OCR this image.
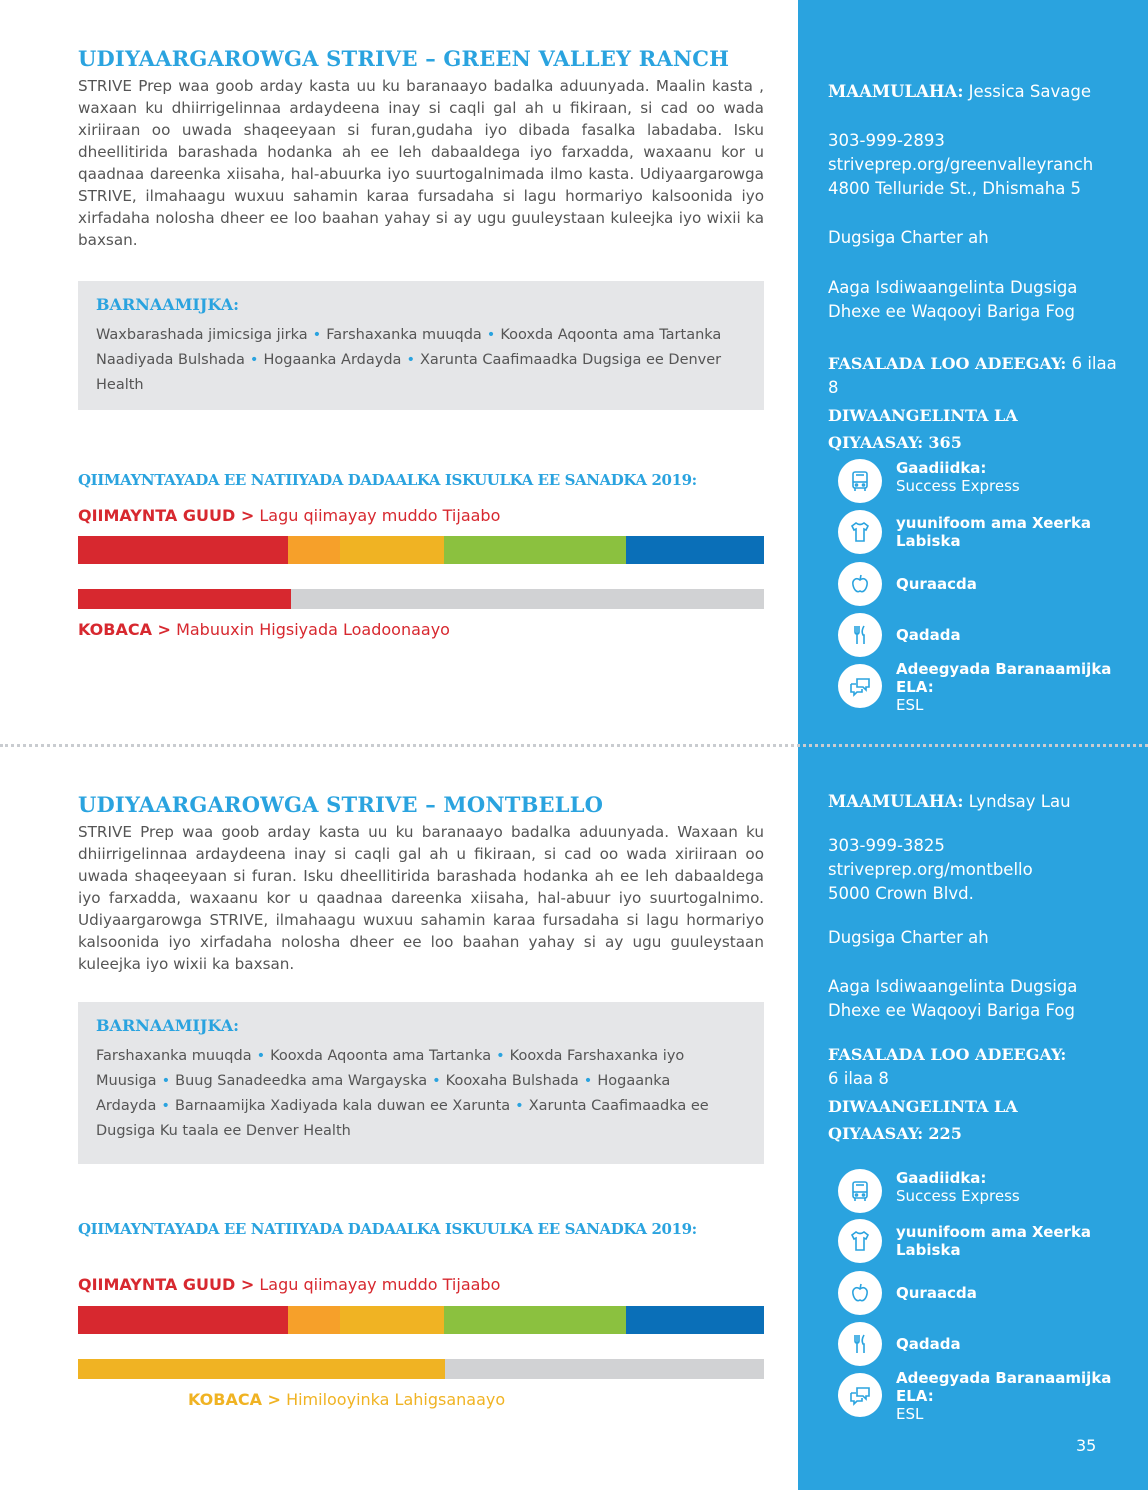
UDIYAARGAROWGA STRIVE – GREEN VALLEY RANCH

STRIVE Prep waa goob arday kasta uu ku baranaayo badalka aduunyada. Maalin kasta , waxaan ku dhiirrigelinnaa ardaydeena inay si caqli gal ah u fikiraan, si cad oo wada xiriiraan oo uwada shaqeeyaan si furan,gudaha iyo dibada fasalka labadaba. Isku dheellitirida barashada hodanka ah ee leh dabaaldega iyo farxadda, waxaanu kor u qaadnaa dareenka xiisaha, hal-abuurka iyo suurtogalnimada ilmo kasta. Udiyaargarowga STRIVE, ilmahaagu wuxuu sahamin karaa fursadaha si lagu hormariyo kalsoonida iyo xirfadaha nolosha dheer ee loo baahan yahay si ay ugu guuleystaan kuleejka iyo wixii ka baxsan.

BARNAAMIJKA:
Waxbarashada jimicsiga jirka • Farshaxanka muuqda • Kooxda Aqoonta ama Tartanka
Naadiyada Bulshada • Hogaanka Ardayda • Xarunta Caafimaadka Dugsiga ee Denver Health
QIIMAYNTAYADA EE NATIIYADA DADAALKA ISKUULKA EE SANADKA 2019:
QIIMAYNTA GUUD > Lagu qiimayay muddo Tijaabo
KOBACA > Mabuuxin Higsiyada Loadoonaayo
MAAMULAHA: Jessica Savage
303-999-2893
striveprep.org/greenvalleyranch
4800 Telluride St., Dhismaha 5
Dugsiga Charter ah
Aaga Isdiwaangelinta Dugsiga Dhexe ee Waqooyi Bariga Fog
FASALADA LOO ADEEGAY: 6 ilaa 8
DIWAANGELINTA LA QIYAASAY: 365
Gaadiidka:
Success Express
yuunifoom ama Xeerka Labiska
Quraacda
Qadada
Adeegyada Baranaamijka ELA:
ESL
UDIYAARGAROWGA STRIVE – MONTBELLO

STRIVE Prep waa goob arday kasta uu ku baranaayo badalka aduunyada. Waxaan ku dhiirrigelinnaa ardaydeena inay si caqli gal ah u fikiraan, si cad oo wada xiriiraan oo uwada shaqeeyaan si furan. Isku dheellitirida barashada hodanka ah ee leh dabaaldega iyo farxadda, waxaanu kor u qaadnaa dareenka xiisaha, hal-abuur iyo suurtogalnimo. Udiyaargarowga STRIVE, ilmahaagu wuxuu sahamin karaa fursadaha si lagu hormariyo kalsoonida iyo xirfadaha nolosha dheer ee loo baahan yahay si ay ugu guuleystaan kuleejka iyo wixii ka baxsan.

BARNAAMIJKA:
Farshaxanka muuqda • Kooxda Aqoonta ama Tartanka • Kooxda Farshaxanka iyo Muusiga • Buug Sanadeedka ama Wargayska • Kooxaha Bulshada • Hogaanka Ardayda • Barnaamijka Xadiyada kala duwan ee Xarunta • Xarunta Caafimaadka ee Dugsiga Ku taala ee Denver Health
QIIMAYNTAYADA EE NATIIYADA DADAALKA ISKUULKA EE SANADKA 2019:
QIIMAYNTA GUUD > Lagu qiimayay muddo Tijaabo
KOBACA > Himilooyinka Lahigsanaayo
MAAMULAHA: Lyndsay Lau
303-999-3825
striveprep.org/montbello
5000 Crown Blvd.
Dugsiga Charter ah
Aaga Isdiwaangelinta Dugsiga Dhexe ee Waqooyi Bariga Fog
FASALADA LOO ADEEGAY:
6 ilaa 8
DIWAANGELINTA LA QIYAASAY: 225
Gaadiidka:
Success Express
yuunifoom ama Xeerka Labiska
Quraacda
Qadada
Adeegyada Baranaamijka ELA:
ESL
35
